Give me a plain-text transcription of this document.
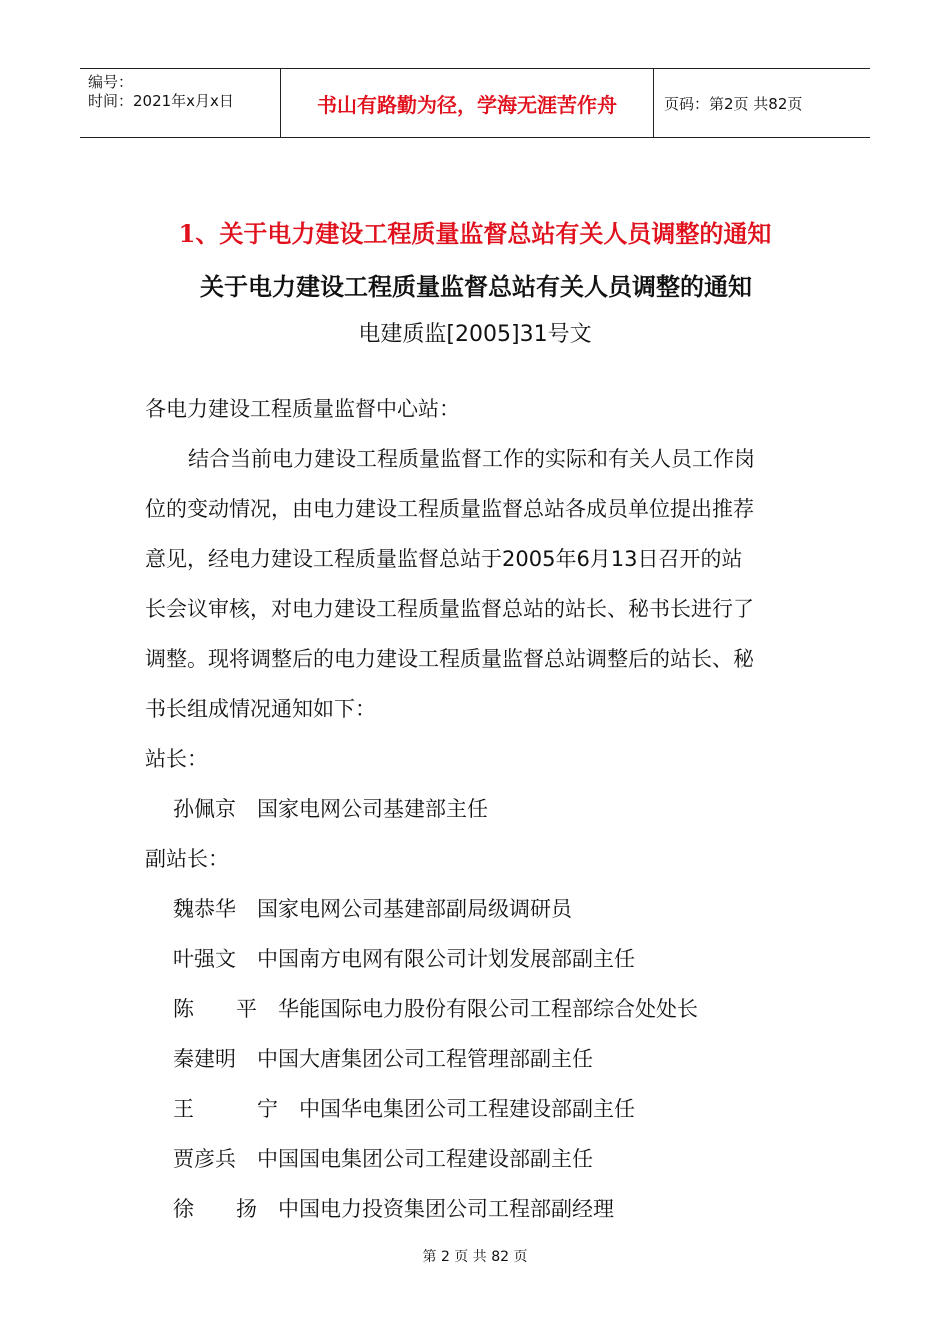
编号：
时间：2021年x月x日	书山有路勤为径，学海无涯苦作舟	页码：第2页 共82页
1、关于电力建设工程质量监督总站有关人员调整的通知
关于电力建设工程质量监督总站有关人员调整的通知
电建质监[2005]31号文
各电力建设工程质量监督中心站：
结合当前电力建设工程质量监督工作的实际和有关人员工作岗
位的变动情况，由电力建设工程质量监督总站各成员单位提出推荐
意见，经电力建设工程质量监督总站于2005年6月13日召开的站
长会议审核，对电力建设工程质量监督总站的站长、秘书长进行了
调整。现将调整后的电力建设工程质量监督总站调整后的站长、秘
书长组成情况通知如下：
站长：
孙佩京　国家电网公司基建部主任
副站长：
魏恭华　国家电网公司基建部副局级调研员
叶强文　中国南方电网有限公司计划发展部副主任
陈　　平　华能国际电力股份有限公司工程部综合处处长
秦建明　中国大唐集团公司工程管理部副主任
王　　　宁　中国华电集团公司工程建设部副主任
贾彦兵　中国国电集团公司工程建设部副主任
徐　　扬　中国电力投资集团公司工程部副经理
第 2 页 共 82 页
